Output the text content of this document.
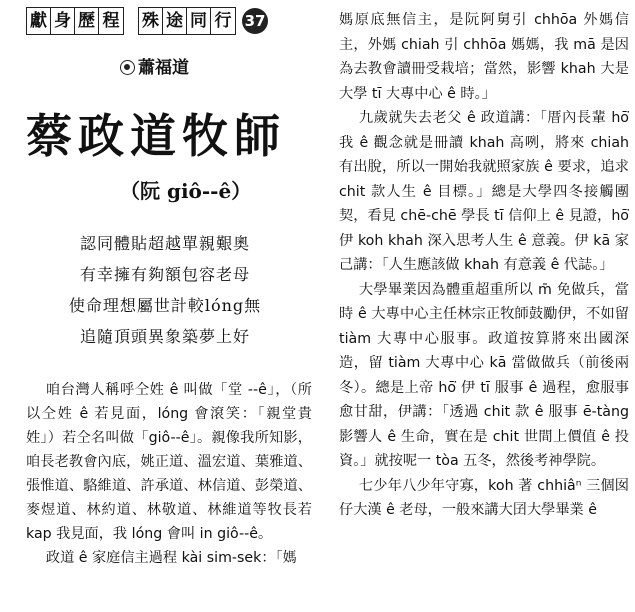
獻 身 歷 程 殊 途 同 行 37
蕭福道
蔡政道牧師
（阮 giô--ê）
認同體貼超越單親艱奧
有幸擁有夠額包容老母
使命理想屬世計較lóng無
追隨頂頭異象築夢上好

咱台灣人稱呼仝姓 ê 叫做「堂 --ê」，（所以仝姓 ê 若見面，lóng 會滾笑：「親堂貴姓」）若仝名叫做「giô--ê」。親像我所知影，咱長老教會內底，姚正道、溫宏道、葉雅道、張惟道、駱維道、許承道、林信道、彭榮道、麥煜道、林約道、林敬道、林維道等牧長若 kap 我見面，我 lóng 會叫 in giô--ê。

政道 ê 家庭信主過程 kài sim-sek：「媽

媽原底無信主，是阮阿舅引 chhōa 外媽信主，外媽 chiah 引 chhōa 媽媽，我 mā 是因為去教會讀冊受栽培；當然，影響 khah 大是大學 tī 大專中心 ê 時。」

九歲就失去老父 ê 政道講：「厝內長輩 hō͘ 我 ê 觀念就是冊讀 khah 高咧，將來 chiah 有出脫，所以一開始我就照家族 ê 要求，追求 chit 款人生 ê 目標。」總是大學四冬接觸團契，看見 chē-chē 學長 tī 信仰上 ê 見證，hō͘ 伊 koh khah 深入思考人生 ê 意義。伊 kā 家己講：「人生應該做 khah 有意義 ê 代誌。」

大學畢業因為體重超重所以 m̄ 免做兵，當時 ê 大專中心主任林宗正牧師鼓勵伊，不如留 tiàm 大專中心服事。政道按算將來出國深造，留 tiàm 大專中心 kā 當做做兵（前後兩冬）。總是上帝 hō͘ 伊 tī 服事 ê 過程，愈服事愈甘甜，伊講：「透過 chit 款 ê 服事 ē-tàng 影響人 ê 生命，實在是 chit 世間上價值 ê 投資。」就按呢一 tòa 五冬，然後考神學院。

七少年八少年守寡，koh 著 chhiâⁿ 三個囡仔大漢 ê 老母，一般來講大囝大學畢業 ê
